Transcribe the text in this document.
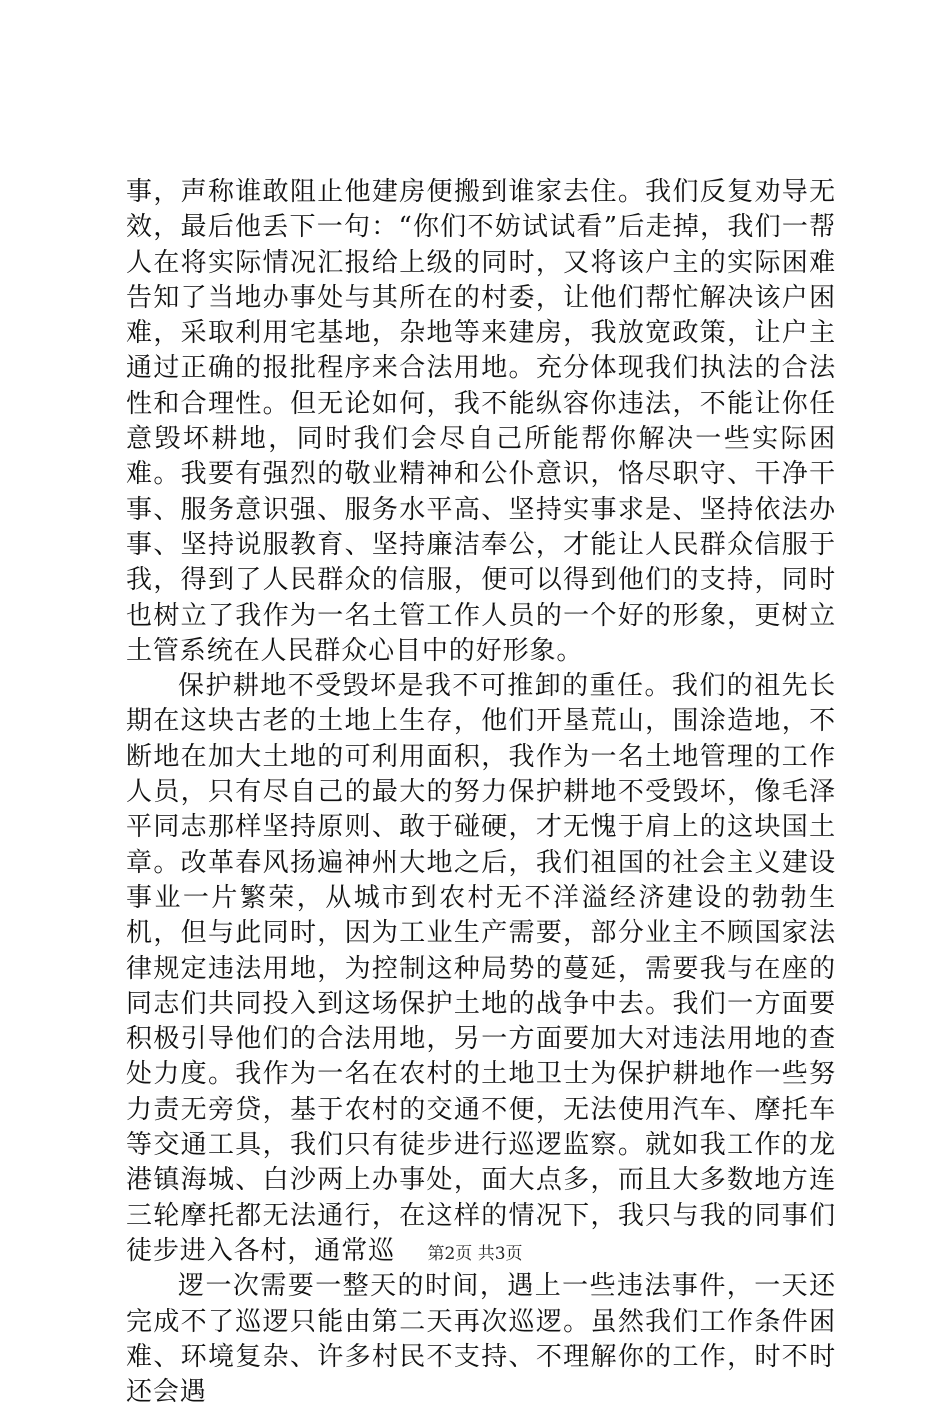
事，声称谁敢阻止他建房便搬到谁家去住。我们反复劝导无效，最后他丢下一句：“你们不妨试试看”后走掉，我们一帮人在将实际情况汇报给上级的同时，又将该户主的实际困难告知了当地办事处与其所在的村委，让他们帮忙解决该户困难，采取利用宅基地，杂地等来建房，我放宽政策，让户主通过正确的报批程序来合法用地。充分体现我们执法的合法性和合理性。但无论如何，我不能纵容你违法，不能让你任意毁坏耕地，同时我们会尽自己所能帮你解决一些实际困难。我要有强烈的敬业精神和公仆意识，恪尽职守、干净干事、服务意识强、服务水平高、坚持实事求是、坚持依法办事、坚持说服教育、坚持廉洁奉公，才能让人民群众信服于我，得到了人民群众的信服，便可以得到他们的支持，同时也树立了我作为一名土管工作人员的一个好的形象，更树立土管系统在人民群众心目中的好形象。

保护耕地不受毁坏是我不可推卸的重任。我们的祖先长期在这块古老的土地上生存，他们开垦荒山，围涂造地，不断地在加大土地的可利用面积，我作为一名土地管理的工作人员，只有尽自己的最大的努力保护耕地不受毁坏，像毛泽平同志那样坚持原则、敢于碰硬，才无愧于肩上的这块国土章。改革春风扬遍神州大地之后，我们祖国的社会主义建设事业一片繁荣，从城市到农村无不洋溢经济建设的勃勃生机，但与此同时，因为工业生产需要，部分业主不顾国家法律规定违法用地，为控制这种局势的蔓延，需要我与在座的同志们共同投入到这场保护土地的战争中去。我们一方面要积极引导他们的合法用地，另一方面要加大对违法用地的查处力度。我作为一名在农村的土地卫士为保护耕地作一些努力责无旁贷，基于农村的交通不便，无法使用汽车、摩托车等交通工具，我们只有徒步进行巡逻监察。就如我工作的龙港镇海城、白沙两上办事处，面大点多，而且大多数地方连三轮摩托都无法通行，在这样的情况下，我只与我的同事们徒步进入各村，通常巡

逻一次需要一整天的时间，遇上一些违法事件，一天还完成不了巡逻只能由第二天再次巡逻。虽然我们工作条件困难、环境复杂、许多村民不支持、不理解你的工作，时不时还会遇

第2页 共3页
